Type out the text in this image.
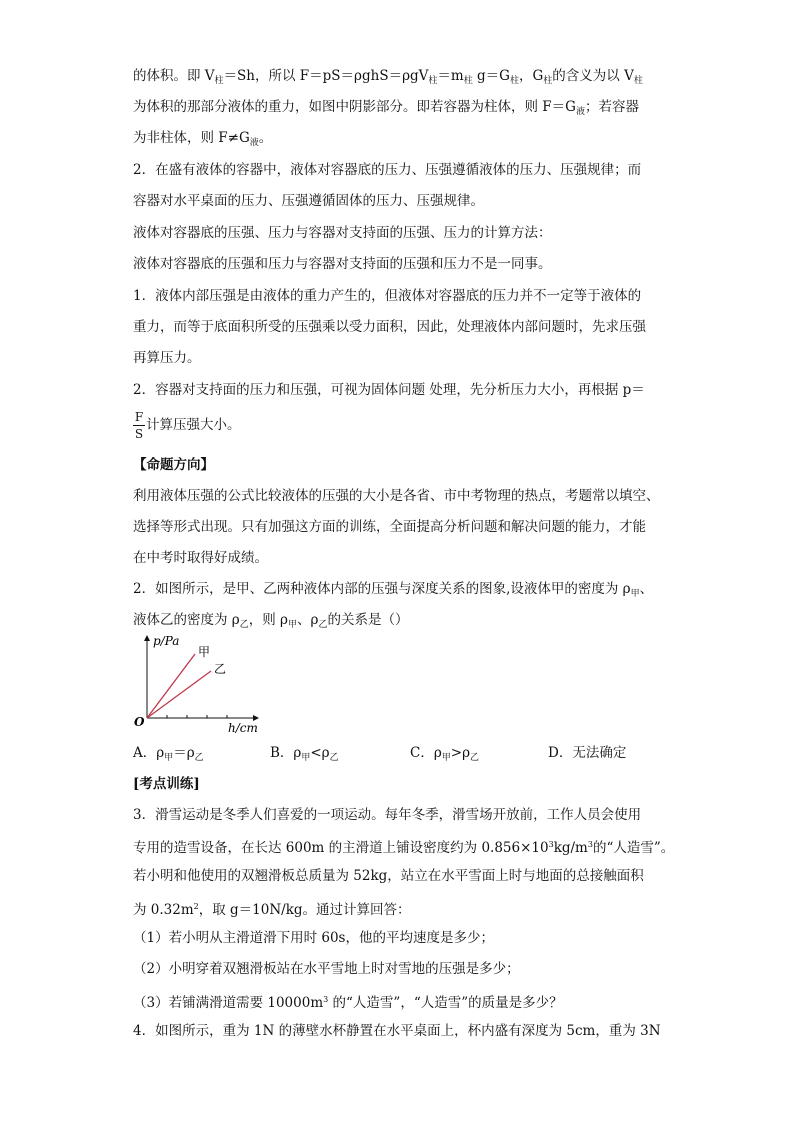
的体积。即 $V_柱=Sh$，所以 $F=pS=\rho ghS=\rho gV_柱=m_柱$ $g=G_柱$，$G_柱$的含义为以 $V_柱$
为体积的那部分液体的重力，如图中阴影部分。即若容器为柱体，则 $F=G_液$；若容器
为非柱体，则 $F\ne G_液$。
2．在盛有液体的容器中，液体对容器底的压力、压强遵循液体的压力、压强规律；而
容器对水平桌面的压力、压强遵循固体的压力、压强规律。
液体对容器底的压强、压力与容器对支持面的压强、压力的计算方法：
液体对容器底的压强和压力与容器对支持面的压强和压力不是一同事。
1．液体内部压强是由液体的重力产生的，但液体对容器底的压力并不一定等于液体的
重力，而等于底面积所受的压强乘以受力面积，因此，处理液体内部问题时，先求压强
再算压力。
2．容器对支持面的压力和压强，可视为固体问题 处理，先分析压力大小，再根据 p＝
F
S
计算压强大小。
【命题方向】
利用液体压强的公式比较液体的压强的大小是各省、市中考物理的热点，考题常以填空、
选择等形式出现。只有加强这方面的训练，全面提高分析问题和解决问题的能力，才能
在中考时取得好成绩。
2．如图所示，是甲、乙两种液体内部的压强与深度关系的图象,设液体甲的密度为 $\rho_甲$、
液体乙的密度为 $\rho_乙$，则 $\rho_甲$、$\rho_乙$的关系是（）
甲
乙
p/Pa
h/cm
O
A．$\rho_甲=\rho_乙$	B．$\rho_甲<\rho_乙$	C．$\rho_甲>\rho_乙$	D．无法确定
[考点训练]
3．滑雪运动是冬季人们喜爱的一项运动。每年冬季，滑雪场开放前，工作人员会使用
专用的造雪设备，在长达 600m 的主滑道上铺设密度约为 $0.856\times 10^3kg/m^3$的“人造雪”。
若小明和他使用的双翘滑板总质量为 52kg，站立在水平雪面上时与地面的总接触面积
为 $0.32m^2$，取 g＝10N/kg。通过计算回答：
（1）若小明从主滑道滑下用时 60s，他的平均速度是多少；
（2）小明穿着双翘滑板站在水平雪地上时对雪地的压强是多少；
（3）若铺满滑道需要 $10000m^3$ 的“人造雪”，“人造雪”的质量是多少？
4．如图所示，重为 1N 的薄壁水杯静置在水平桌面上，杯内盛有深度为 5cm，重为 3N
